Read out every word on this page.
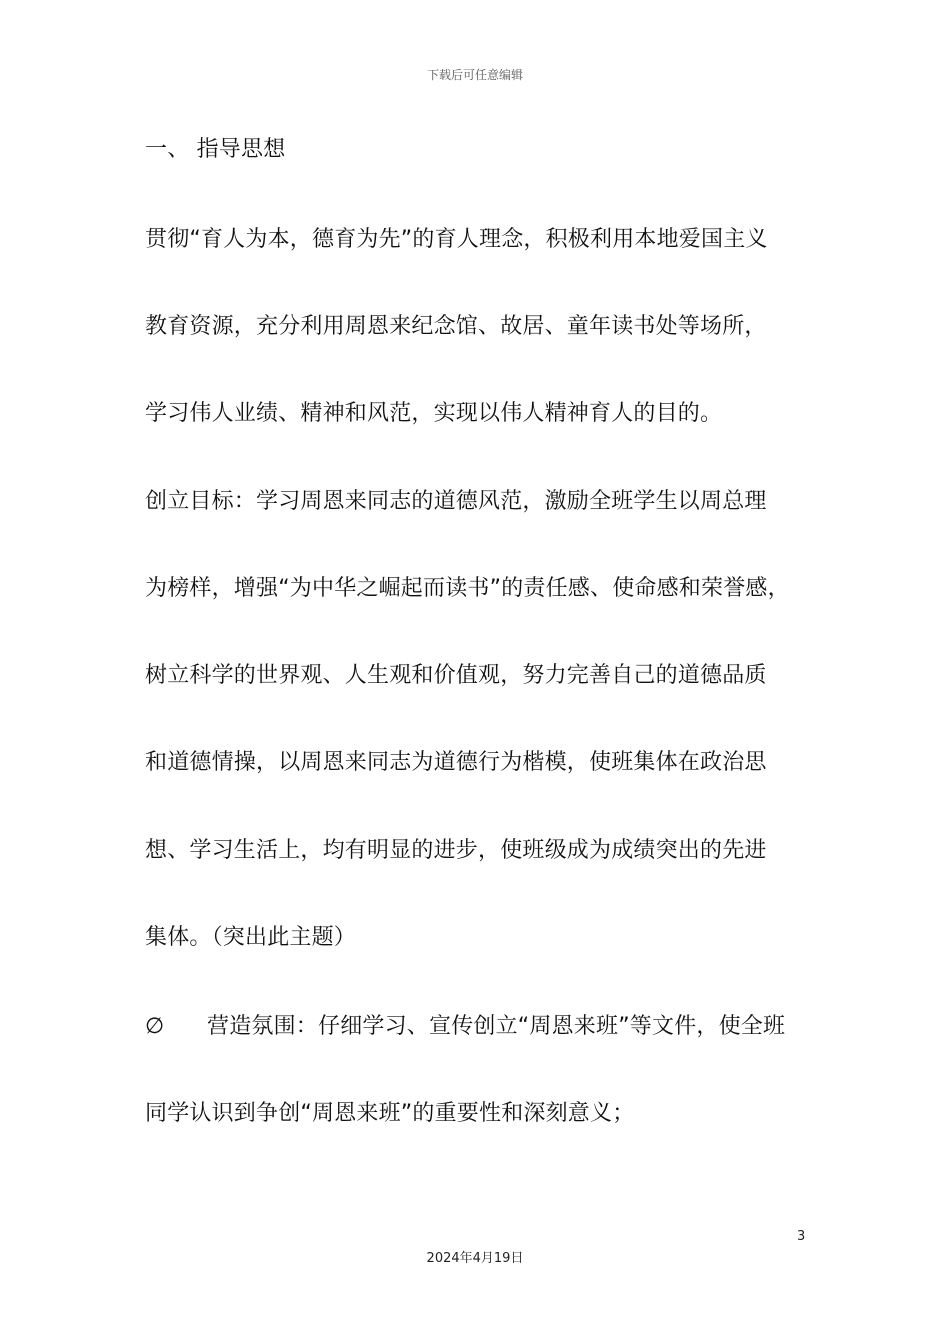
下载后可任意编辑
一、 指导思想
贯彻“育人为本，德育为先”的育人理念，积极利用本地爱国主义
教育资源，充分利用周恩来纪念馆、故居、童年读书处等场所，
学习伟人业绩、精神和风范，实现以伟人精神育人的目的。
创立目标：学习周恩来同志的道德风范，激励全班学生以周总理
为榜样，增强“为中华之崛起而读书”的责任感、使命感和荣誉感，
树立科学的世界观、人生观和价值观，努力完善自己的道德品质
和道德情操，以周恩来同志为道德行为楷模，使班集体在政治思
想、学习生活上，均有明显的进步，使班级成为成绩突出的先进
集体。（突出此主题）
∅ 营造氛围：仔细学习、宣传创立“周恩来班”等文件，使全班
同学认识到争创“周恩来班”的重要性和深刻意义；
3
2024年4月19日
